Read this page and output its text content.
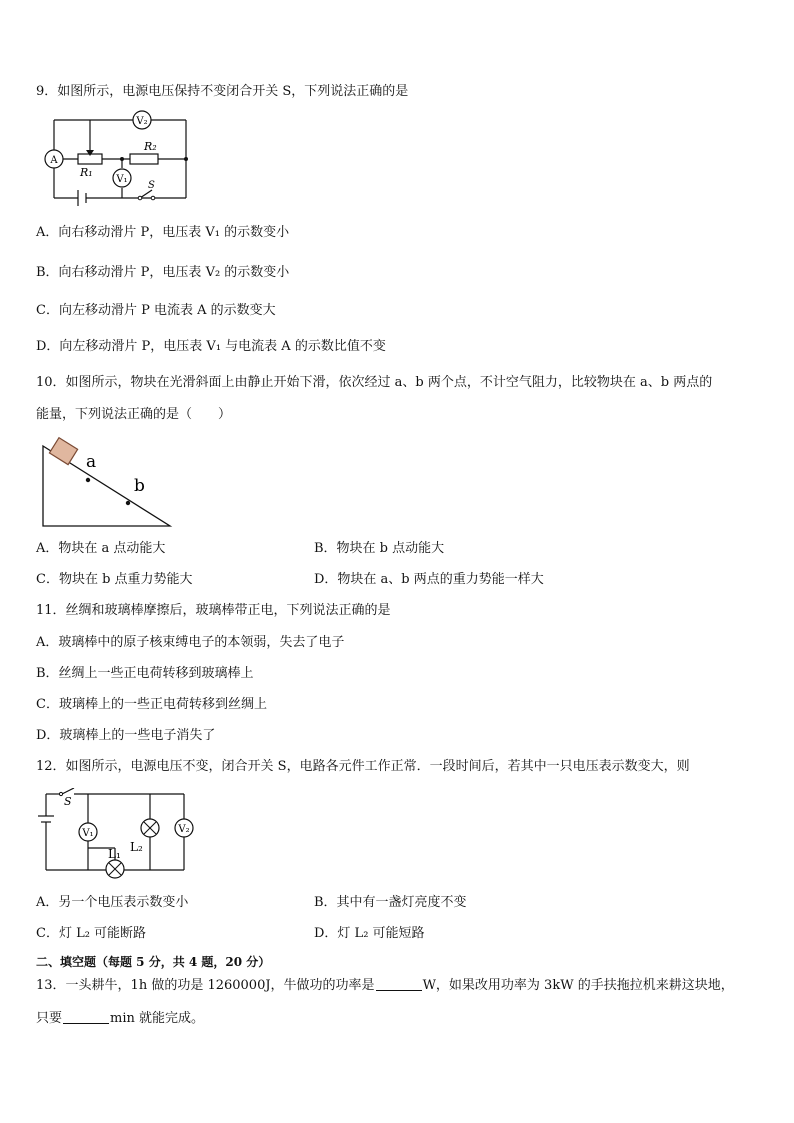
9．如图所示，电源电压保持不变闭合开关 S，下列说法正确的是
V₂
A
V₁
R₁
R₂
S
A．向右移动滑片 P，电压表 V₁ 的示数变小
B．向右移动滑片 P，电压表 V₂ 的示数变小
C．向左移动滑片 P 电流表 A 的示数变大
D．向左移动滑片 P，电压表 V₁ 与电流表 A 的示数比值不变
10．如图所示，物块在光滑斜面上由静止开始下滑，依次经过 a、b 两个点，不计空气阻力，比较物块在 a、b 两点的
能量，下列说法正确的是（　　）
a
b
A．物块在 a 点动能大	B．物块在 b 点动能大
C．物块在 b 点重力势能大	D．物块在 a、b 两点的重力势能一样大
11．丝绸和玻璃棒摩擦后，玻璃棒带正电，下列说法正确的是
A．玻璃棒中的原子核束缚电子的本领弱，失去了电子
B．丝绸上一些正电荷转移到玻璃棒上
C．玻璃棒上的一些正电荷转移到丝绸上
D．玻璃棒上的一些电子消失了
12．如图所示，电源电压不变，闭合开关 S，电路各元件工作正常．一段时间后，若其中一只电压表示数变大，则
V₁	V₂
S
L₂
L₁
A．另一个电压表示数变小	B．其中有一盏灯亮度不变
C．灯 L₂ 可能断路	D．灯 L₂ 可能短路
二、填空题（每题 5 分，共 4 题，20 分）
13．一头耕牛，1h 做的功是 1260000J，牛做功的功率是	W，如果改用功率为 3kW 的手扶拖拉机来耕这块地，
只要	min 就能完成。
